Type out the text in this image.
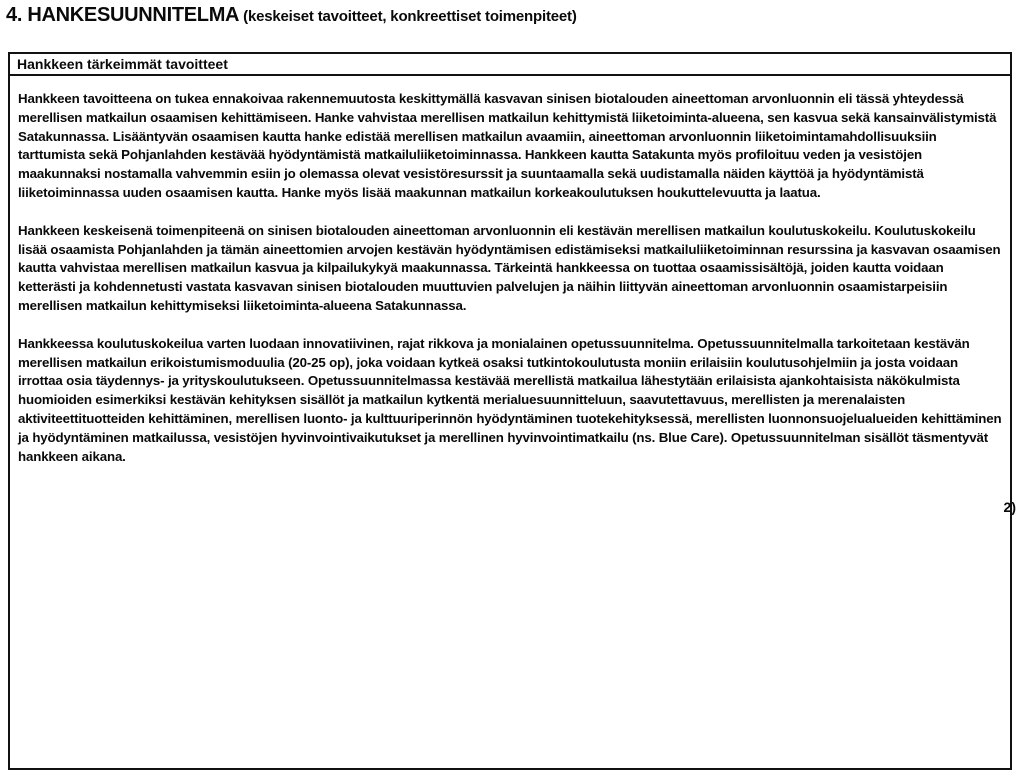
4. HANKESUUNNITELMA (keskeiset tavoitteet, konkreettiset toimenpiteet)
Hankkeen tärkeimmät tavoitteet

Hankkeen tavoitteena on tukea ennakoivaa rakennemuutosta keskittymällä kasvavan sinisen biotalouden aineettoman arvonluonnin eli tässä yhteydessä merellisen matkailun osaamisen kehittämiseen. Hanke vahvistaa merellisen matkailun kehittymistä liiketoiminta-alueena, sen kasvua sekä kansainvälistymistä Satakunnassa. Lisääntyvän osaamisen kautta hanke edistää merellisen matkailun avaamiin, aineettoman arvonluonnin liiketoimintamahdollisuuksiin tarttumista sekä Pohjanlahden kestävää hyödyntämistä matkailuliiketoiminnassa. Hankkeen kautta Satakunta myös profiloituu veden ja vesistöjen maakunnaksi nostamalla vahvemmin esiin jo olemassa olevat vesistöresurssit ja suuntaamalla sekä uudistamalla näiden käyttöä ja hyödyntämistä liiketoiminnassa uuden osaamisen kautta. Hanke myös lisää maakunnan matkailun korkeakoulutuksen houkuttelevuutta ja laatua.

Hankkeen keskeisenä toimenpiteenä on sinisen biotalouden aineettoman arvonluonnin eli kestävän merellisen matkailun koulutuskokeilu. Koulutuskokeilu lisää osaamista Pohjanlahden ja tämän aineettomien arvojen kestävän hyödyntämisen edistämiseksi matkailuliiketoiminnan resurssina ja kasvavan osaamisen kautta vahvistaa merellisen matkailun kasvua ja kilpailukykyä maakunnassa. Tärkeintä hankkeessa on tuottaa osaamissisältöjä, joiden kautta voidaan ketterästi ja kohdennetusti vastata kasvavan sinisen biotalouden muuttuvien palvelujen ja näihin liittyvän aineettoman arvonluonnin osaamistarpeisiin merellisen matkailun kehittymiseksi liiketoiminta-alueena Satakunnassa.

Hankkeessa koulutuskokeilua varten luodaan innovatiivinen, rajat rikkova ja monialainen opetussuunnitelma. Opetussuunnitelmalla tarkoitetaan kestävän merellisen matkailun erikoistumismoduulia (20-25 op), joka voidaan kytkeä osaksi tutkintokoulutusta moniin erilaisiin koulutusohjelmiin ja josta voidaan irrottaa osia täydennys- ja yrityskoulutukseen. Opetussuunnitelmassa kestävää merellistä matkailua lähestytään erilaisista ajankohtaisista näkökulmista huomioiden esimerkiksi kestävän kehityksen sisällöt ja matkailun kytkentä merialuesuunnitteluun, saavutettavuus, merellisten ja merenalaisten aktiviteettituotteiden kehittäminen, merellisen luonto- ja kulttuuriperinnön hyödyntäminen tuotekehityksessä, merellisten luonnonsuojelualueiden kehittäminen ja hyödyntäminen matkailussa, vesistöjen hyvinvointivaikutukset ja merellinen hyvinvointimatkailu (ns. Blue Care). Opetussuunnitelman sisällöt täsmentyvät hankkeen aikana.

2)
